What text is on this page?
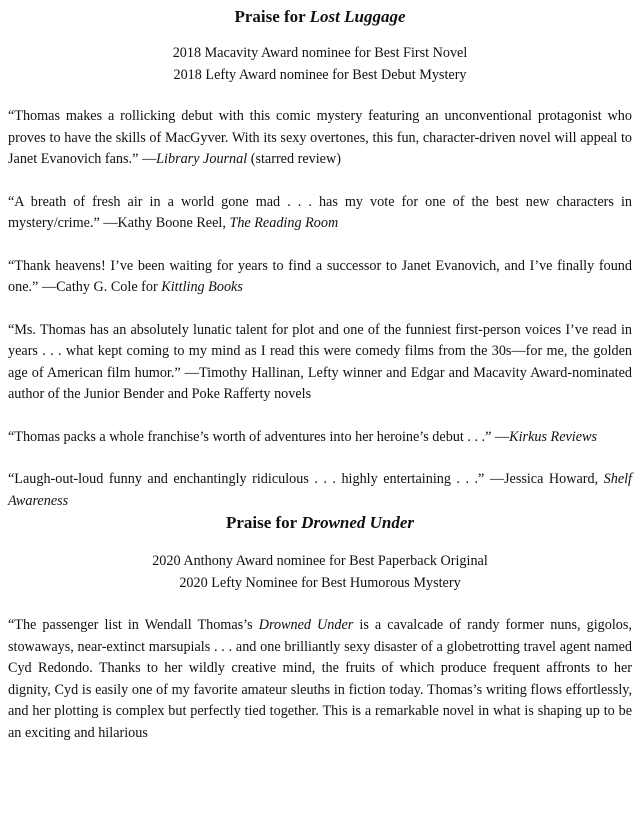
Praise for Lost Luggage
2018 Macavity Award nominee for Best First Novel
2018 Lefty Award nominee for Best Debut Mystery

“Thomas makes a rollicking debut with this comic mystery featuring an unconventional protagonist who proves to have the skills of MacGyver. With its sexy overtones, this fun, character-driven novel will appeal to Janet Evanovich fans.” —Library Journal (starred review)

“A breath of fresh air in a world gone mad . . . has my vote for one of the best new characters in mystery/crime.” —Kathy Boone Reel, The Reading Room

“Thank heavens! I’ve been waiting for years to find a successor to Janet Evanovich, and I’ve finally found one.” —Cathy G. Cole for Kittling Books

“Ms. Thomas has an absolutely lunatic talent for plot and one of the funniest first-person voices I’ve read in years . . . what kept coming to my mind as I read this were comedy films from the 30s—for me, the golden age of American film humor.” —Timothy Hallinan, Lefty winner and Edgar and Macavity Award-nominated author of the Junior Bender and Poke Rafferty novels

“Thomas packs a whole franchise’s worth of adventures into her heroine’s debut . . .” —Kirkus Reviews

“Laugh-out-loud funny and enchantingly ridiculous . . . highly entertaining . . .” —Jessica Howard, Shelf Awareness

Praise for Drowned Under
2020 Anthony Award nominee for Best Paperback Original
2020 Lefty Nominee for Best Humorous Mystery

“The passenger list in Wendall Thomas’s Drowned Under is a cavalcade of randy former nuns, gigolos, stowaways, near-extinct marsupials . . . and one brilliantly sexy disaster of a globetrotting travel agent named Cyd Redondo. Thanks to her wildly creative mind, the fruits of which produce frequent affronts to her dignity, Cyd is easily one of my favorite amateur sleuths in fiction today. Thomas’s writing flows effortlessly, and her plotting is complex but perfectly tied together. This is a remarkable novel in what is shaping up to be an exciting and hilarious
